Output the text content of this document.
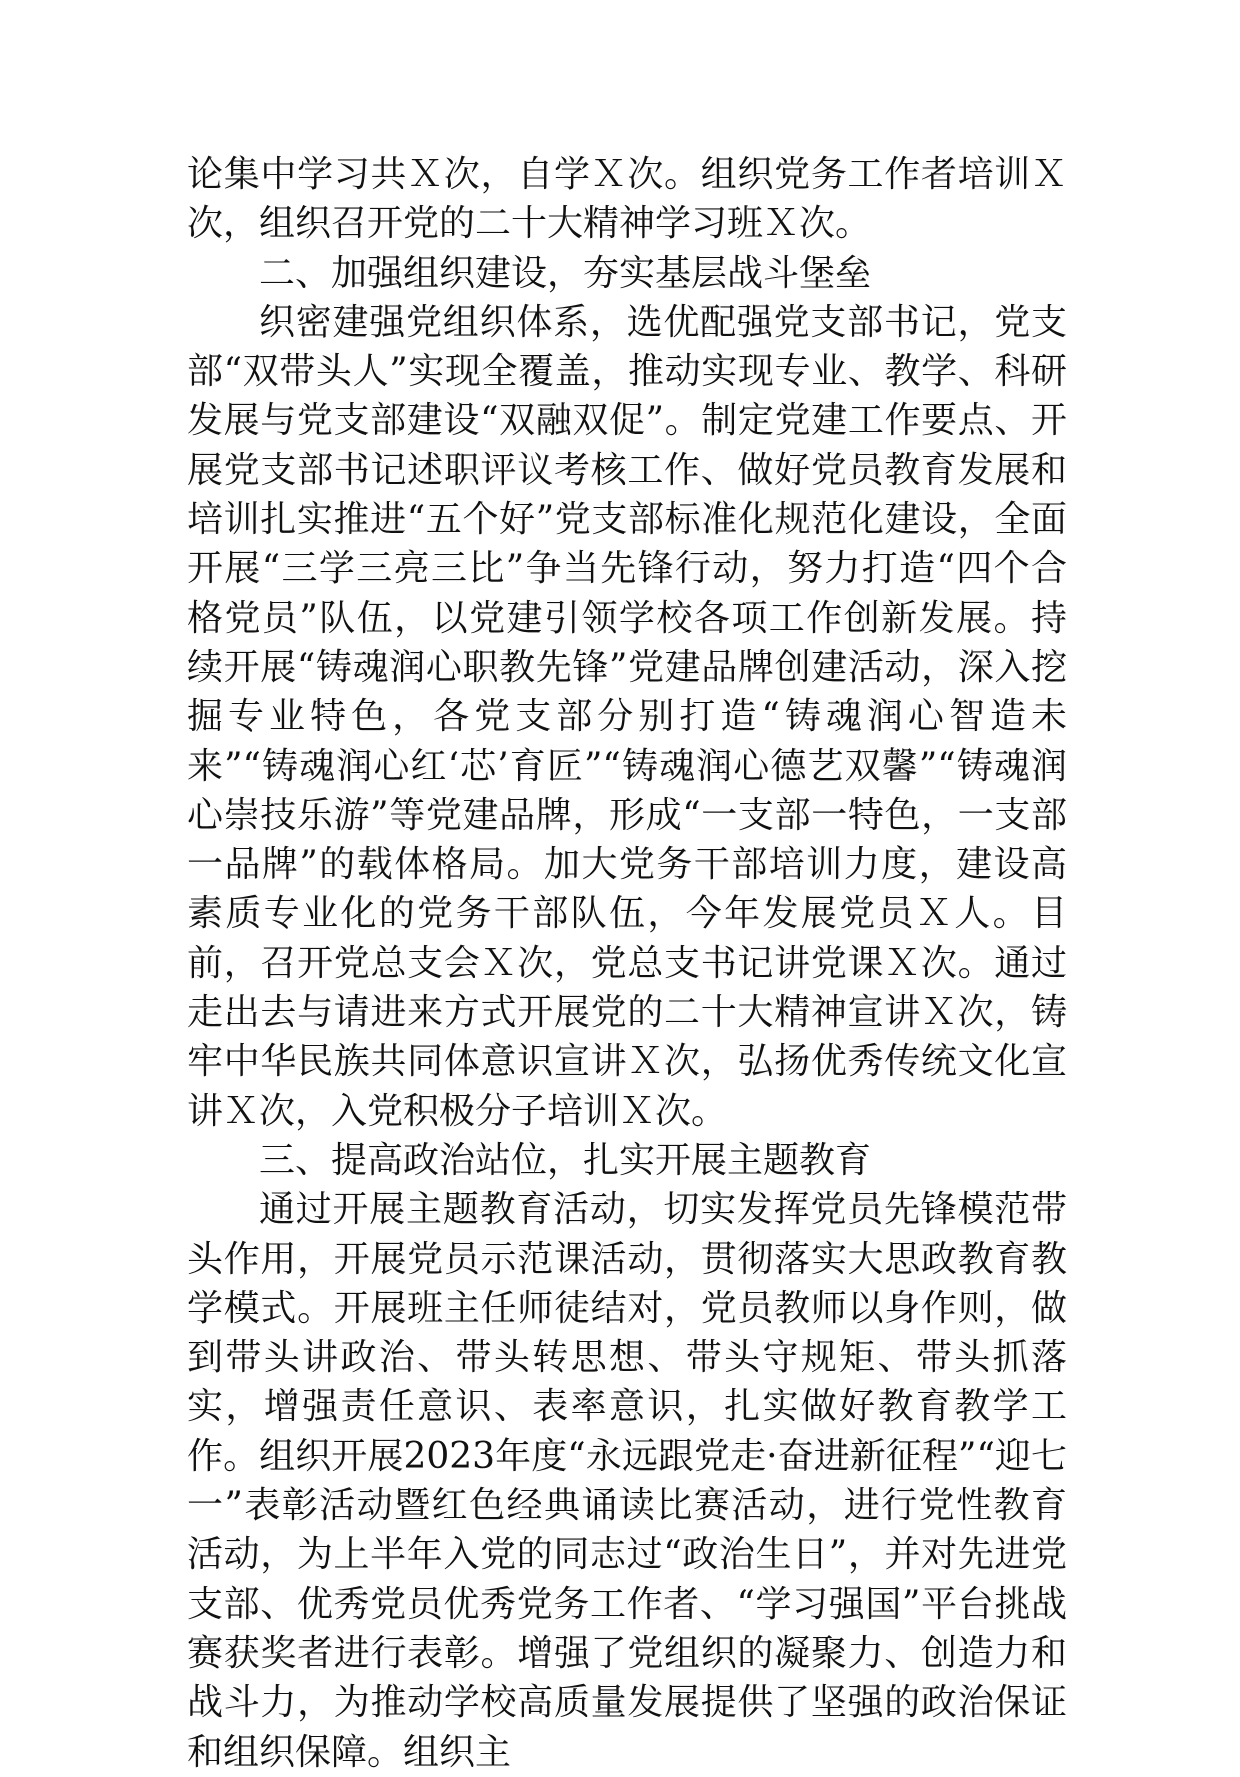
论集中学习共Ｘ次，自学Ｘ次。组织党务工作者培训Ｘ次，组织召开党的二十大精神学习班Ｘ次。

二、加强组织建设，夯实基层战斗堡垒

织密建强党组织体系，选优配强党支部书记，党支部“双带头人”实现全覆盖，推动实现专业、教学、科研发展与党支部建设“双融双促”。制定党建工作要点、开展党支部书记述职评议考核工作、做好党员教育发展和培训扎实推进“五个好”党支部标准化规范化建设，全面开展“三学三亮三比”争当先锋行动，努力打造“四个合格党员”队伍，以党建引领学校各项工作创新发展。持续开展“铸魂润心职教先锋”党建品牌创建活动，深入挖掘专业特色，各党支部分别打造“铸魂润心智造未来”“铸魂润心红‘芯’育匠”“铸魂润心德艺双馨”“铸魂润心崇技乐游”等党建品牌，形成“一支部一特色，一支部一品牌”的载体格局。加大党务干部培训力度，建设高素质专业化的党务干部队伍，今年发展党员Ｘ人。目前，召开党总支会Ｘ次，党总支书记讲党课Ｘ次。通过走出去与请进来方式开展党的二十大精神宣讲Ｘ次，铸牢中华民族共同体意识宣讲Ｘ次，弘扬优秀传统文化宣讲Ｘ次，入党积极分子培训Ｘ次。

三、提高政治站位，扎实开展主题教育

通过开展主题教育活动，切实发挥党员先锋模范带头作用，开展党员示范课活动，贯彻落实大思政教育教学模式。开展班主任师徒结对，党员教师以身作则，做到带头讲政治、带头转思想、带头守规矩、带头抓落实，增强责任意识、表率意识，扎实做好教育教学工作。组织开展2023年度“永远跟党走·奋进新征程”“迎七一”表彰活动暨红色经典诵读比赛活动，进行党性教育活动，为上半年入党的同志过“政治生日”，并对先进党支部、优秀党员优秀党务工作者、“学习强国”平台挑战赛获奖者进行表彰。增强了党组织的凝聚力、创造力和战斗力，为推动学校高质量发展提供了坚强的政治保证和组织保障。组织主
